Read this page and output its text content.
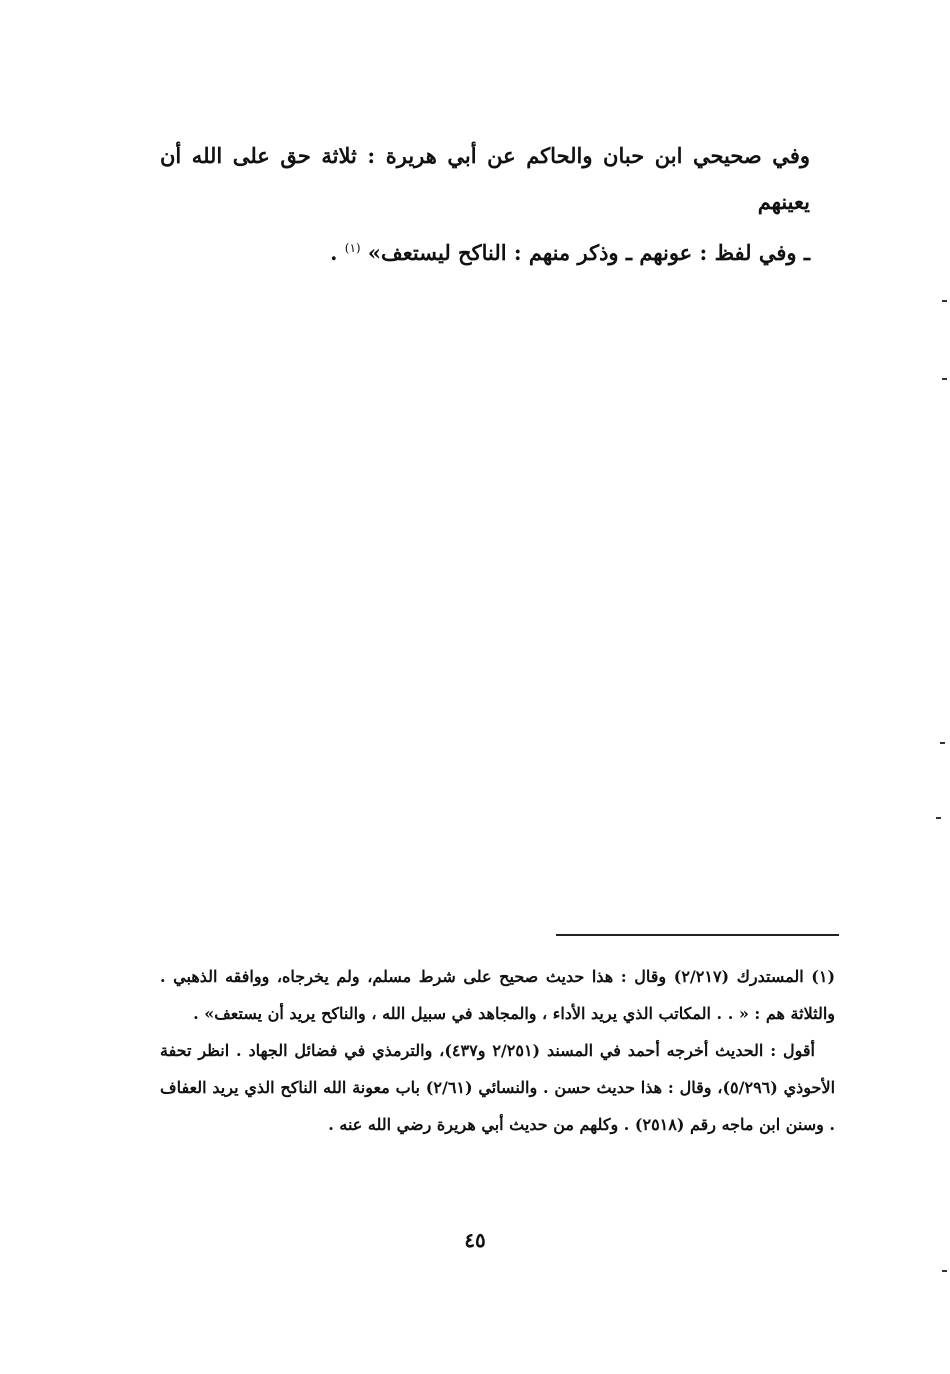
وفي صحيحي ابن حبان والحاكم عن أبي هريرة : ثلاثة حق على الله أن يعينهم

ـ وفي لفظ : عونهم ـ وذكر منهم : الناكح ليستعف» $^{(١)}$ .

(١) المستدرك (٢/٢١٧) وقال : هذا حديث صحيح على شرط مسلم، ولم يخرجاه، ووافقه الذهبي . والثلاثة هم : « . . المكاتب الذي يريد الأداء ، والمجاهد في سبيل الله ، والناكح يريد أن يستعف» .

أقول : الحديث أخرجه أحمد في المسند (٢/٢٥١ و٤٣٧)، والترمذي في فضائل الجهاد . انظر تحفة الأحوذي (٥/٢٩٦)، وقال : هذا حديث حسن . والنسائي (٢/٦١) باب معونة الله الناكح الذي يريد العفاف . وسنن ابن ماجه رقم (٢٥١٨) . وكلهم من حديث أبي هريرة رضي الله عنه .

٤٥
